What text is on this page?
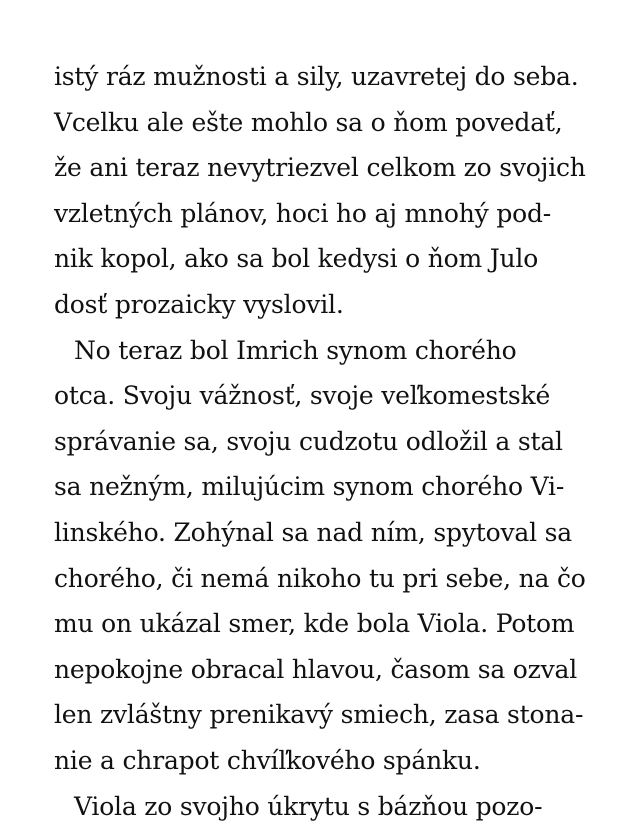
istý ráz mužnosti a sily, uzavretej do seba.
Vcelku ale ešte mohlo sa o ňom povedať,
že ani teraz nevytriezvel celkom zo svojich
vzletných plánov, hoci ho aj mnohý pod-
nik kopol, ako sa bol kedysi o ňom Julo
dosť prozaicky vyslovil.
No teraz bol Imrich synom chorého
otca. Svoju vážnosť, svoje veľkomestské
správanie sa, svoju cudzotu odložil a stal
sa nežným, milujúcim synom chorého Vi-
linského. Zohýnal sa nad ním, spytoval sa
chorého, či nemá nikoho tu pri sebe, na čo
mu on ukázal smer, kde bola Viola. Potom
nepokojne obracal hlavou, časom sa ozval
len zvláštny prenikavý smiech, zasa stona-
nie a chrapot chvíľkového spánku.
Viola zo svojho úkrytu s bázňou pozo-
